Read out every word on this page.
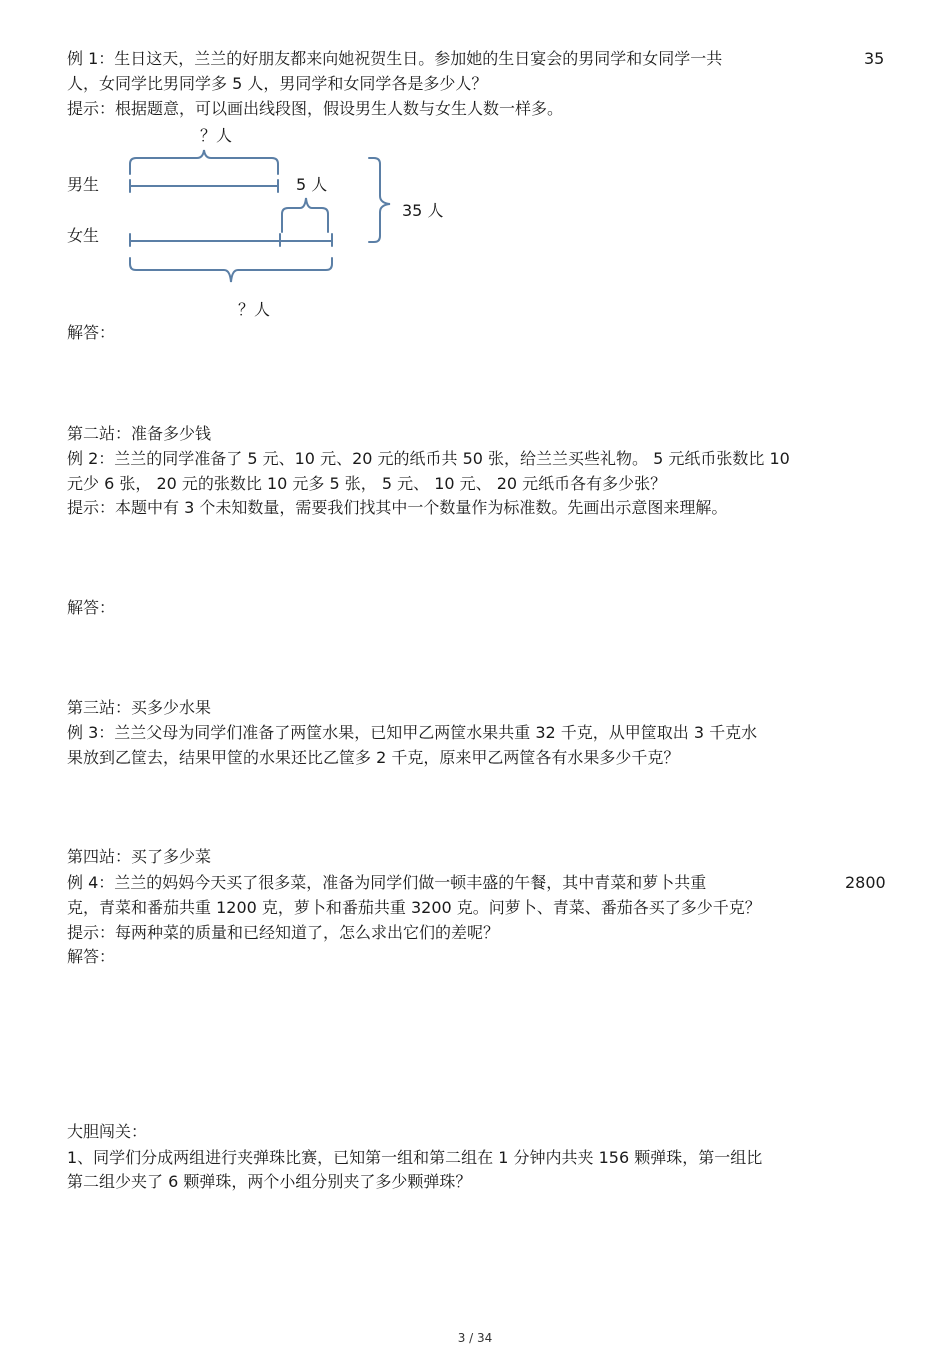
例 1：生日这天，兰兰的好朋友都来向她祝贺生日。参加她的生日宴会的男同学和女同学一共	35
人，女同学比男同学多 5 人，男同学和女同学各是多少人？
提示：根据题意，可以画出线段图，假设男生人数与女生人数一样多。
？人
男生	5 人
35 人
女生
？人
解答：
第二站：准备多少钱
例 2：兰兰的同学准备了 5 元、10 元、20 元的纸币共 50 张，给兰兰买些礼物。 5 元纸币张数比 10
元少 6 张， 20 元的张数比 10 元多 5 张， 5 元、 10 元、 20 元纸币各有多少张？
提示：本题中有 3 个未知数量，需要我们找其中一个数量作为标准数。先画出示意图来理解。
解答：
第三站：买多少水果
例 3：兰兰父母为同学们准备了两筐水果，已知甲乙两筐水果共重 32 千克，从甲筐取出 3 千克水
果放到乙筐去，结果甲筐的水果还比乙筐多 2 千克，原来甲乙两筐各有水果多少千克？
第四站：买了多少菜
例 4：兰兰的妈妈今天买了很多菜，准备为同学们做一顿丰盛的午餐，其中青菜和萝卜共重	2800
克，青菜和番茄共重 1200 克，萝卜和番茄共重 3200 克。问萝卜、青菜、番茄各买了多少千克？
提示：每两种菜的质量和已经知道了，怎么求出它们的差呢？
解答：
大胆闯关：
1、同学们分成两组进行夹弹珠比赛，已知第一组和第二组在 1 分钟内共夹 156 颗弹珠，第一组比
第二组少夹了 6 颗弹珠，两个小组分别夹了多少颗弹珠？
3 / 34
